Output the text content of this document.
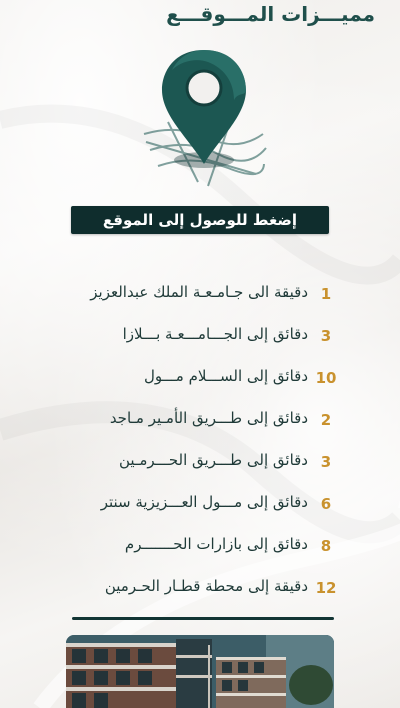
مميـــزات المـــوقـــع
إضغط للوصول إلى الموقع
1
دقيقة الى جـامـعـة الملك عبدالعزيز
3
دقائق إلى الجـــامـــعـة بـــلازا
10
دقائق إلى الســـلام مـــول
2
دقائق إلى طـــريق الأمـير مـاجد
3
دقائق إلى طـــريق الحـــرمـين
6
دقائق إلى مـــول العـــزيزية سنتر
8
دقائق إلى بازارات الحـــــــرم
12
دقيقة إلى محطة قطـار الحـرمين
